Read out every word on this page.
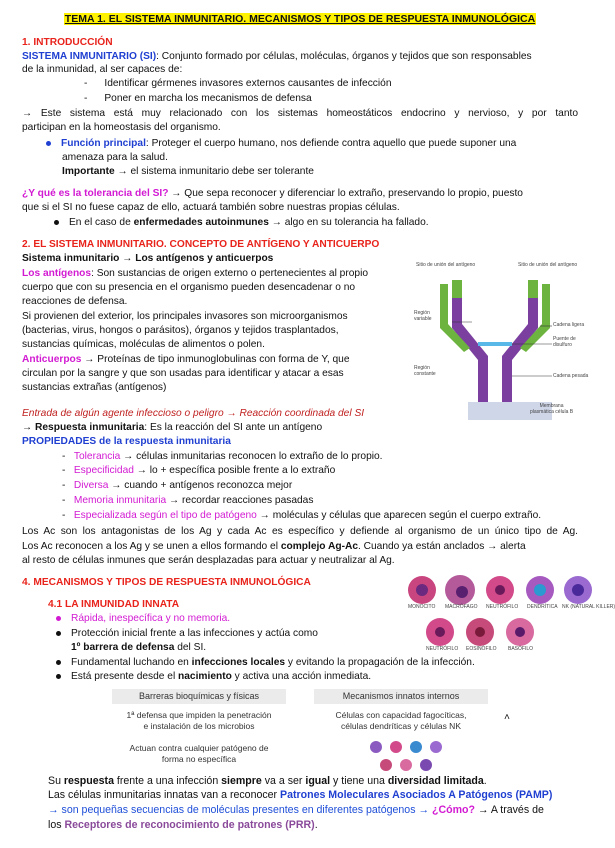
TEMA 1. EL SISTEMA INMUNITARIO. MECANISMOS Y TIPOS DE RESPUESTA INMUNOLÓGICA
1. INTRODUCCIÓN
SISTEMA INMUNITARIO (SI): Conjunto formado por células, moléculas, órganos y tejidos que son responsables
de la inmunidad, al ser capaces de:
-      Identificar gérmenes invasores externos causantes de infección
-      Poner en marcha los mecanismos de defensa
→ Este sistema está muy relacionado con los sistemas homeostáticos endocrino y nervioso, y por tanto
participan en la homeostasis del organismo.
Función principal: Proteger el cuerpo humano, nos defiende contra aquello que puede suponer una
amenaza para la salud.
Importante → el sistema inmunitario debe ser tolerante
¿Y qué es la tolerancia del SI? → Que sepa reconocer y diferenciar lo extraño, preservando lo propio, puesto
que si el SI no fuese capaz de ello, actuará también sobre nuestras propias células.
En el caso de enfermedades autoinmunes → algo en su tolerancia ha fallado.
2. EL SISTEMA INMUNITARIO. CONCEPTO DE ANTÍGENO Y ANTICUERPO
Sistema inmunitario → Los antígenos y anticuerpos
Los antígenos: Son sustancias de origen externo o pertenecientes al propio
cuerpo que con su presencia en el organismo pueden desencadenar o no
reacciones de defensa.
Si provienen del exterior, los principales invasores son microorganismos
(bacterias, virus, hongos o parásitos), órganos y tejidos trasplantados,
sustancias químicas, moléculas de alimentos o polen.
Anticuerpos → Proteínas de tipo inmunoglobulinas con forma de Y, que
circulan por la sangre y que son usadas para identificar y atacar a esas
sustancias extrañas (antígenos)
Sitio de unión del antígeno	Sitio de unión del antígeno
Región
variable
Región
constante
Cadena ligera
Puente de
disulfuro
Cadena pesada
Membrana
plasmática célula B
Entrada de algún agente infeccioso o peligro → Reacción coordinada del SI
→ Respuesta inmunitaria: Es la reacción del SI ante un antígeno
PROPIEDADES de la respuesta inmunitaria
-   Tolerancia → células inmunitarias reconocen lo extraño de lo propio.
-   Especificidad → lo + específica posible frente a lo extraño
-   Diversa → cuando + antígenos reconozca mejor
-   Memoria inmunitaria → recordar reacciones pasadas
-   Especializada según el tipo de patógeno → moléculas y células que aparecen según el cuerpo extraño.
Los Ac son los antagonistas de los Ag y cada Ac es específico y defiende al organismo de un único tipo de Ag.
Los Ac reconocen a los Ag y se unen a ellos formando el complejo Ag-Ac. Cuando ya están anclados → alerta
al resto de células inmunes que serán desplazadas para actuar y neutralizar al Ag.
4. MECANISMOS Y TIPOS DE RESPUESTA INMUNOLÓGICA
4.1 LA INMUNIDAD INNATA
Rápida, inespecífica y no memoria.
Protección inicial frente a las infecciones y actúa como
1º barrera de defensa del SI.
Fundamental luchando en infecciones locales y evitando la propagación de la infección.
Está presente desde el nacimiento y activa una acción inmediata.
MONOCITO MACRÓFAGO NEUTRÓFILO DENDRÍTICA NK (NATURAL KILLER)
NEUTRÓFILO EOSINÓFILO BASÓFILO
Barreras bioquímicas y físicas
1ª defensa que impiden la penetración
e instalación de los microbios
Actuan contra cualquier patógeno de
forma no específica
Mecanismos innatos internos
Células con capacidad fagocíticas,
células dendríticas y células NK
˄
Su respuesta frente a una infección siempre va a ser igual y tiene una diversidad limitada.
Las células inmunitarias innatas van a reconocer Patrones Moleculares Asociados A Patógenos (PAMP)
→ son pequeñas secuencias de moléculas presentes en diferentes patógenos → ¿Cómo? → A través de
los Receptores de reconocimiento de patrones (PRR).
